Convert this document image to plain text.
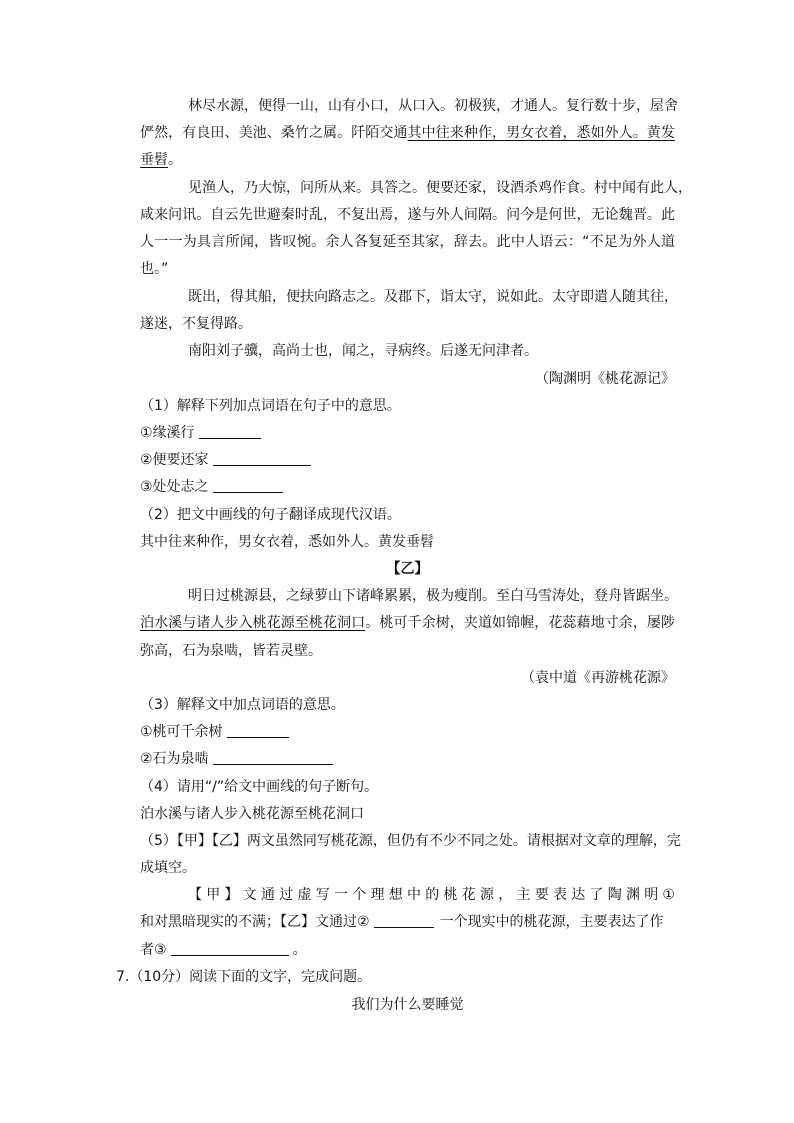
林尽水源，便得一山，山有小口，从口入。初极狭，才通人。复行数十步，屋舍
俨然，有良田、美池、桑竹之属。阡陌交通其中往来种作，男女衣着，悉如外人。黄发
垂髫。
见渔人，乃大惊，问所从来。具答之。便要还家，设酒杀鸡作食。村中闻有此人，
咸来问讯。自云先世避秦时乱，不复出焉，遂与外人间隔。问今是何世，无论魏晋。此
人一一为具言所闻，皆叹惋。余人各复延至其家，辞去。此中人语云：“不足为外人道
也。”
既出，得其船，便扶向路志之。及郡下，诣太守，说如此。太守即遣人随其往，
遂迷，不复得路。
南阳刘子骥，高尚士也，闻之，寻病终。后遂无问津者。
（陶渊明《桃花源记》
（1）解释下列加点词语在句子中的意思。
①缘溪行
②便要还家
③处处志之
（2）把文中画线的句子翻译成现代汉语。
其中往来种作，男女衣着，悉如外人。黄发垂髫
【乙】
明日过桃源县，之绿萝山下诸峰累累，极为瘦削。至白马雪涛处，登舟皆踞坐。
泊水溪与诸人步入桃花源至桃花洞口。桃可千余树，夹道如锦幄，花蕊藉地寸余，屡陟
弥高，石为泉啮，皆若灵壁。
（袁中道《再游桃花源》
（3）解释文中加点词语的意思。
①桃可千余树
②石为泉啮
（4）请用“/”给文中画线的句子断句。
泊水溪与诸人步入桃花源至桃花洞口
（5）【甲】【乙】两文虽然同写桃花源，但仍有不少不同之处。请根据对文章的理解，完
成填空。
【甲】文通过虚写一个理想中的桃花源，主要表达了陶渊明①
和对黑暗现实的不满；【乙】文通过②	一个现实中的桃花源，主要表达了作
者③	。
7.（10分）阅读下面的文字，完成问题。
我们为什么要睡觉
